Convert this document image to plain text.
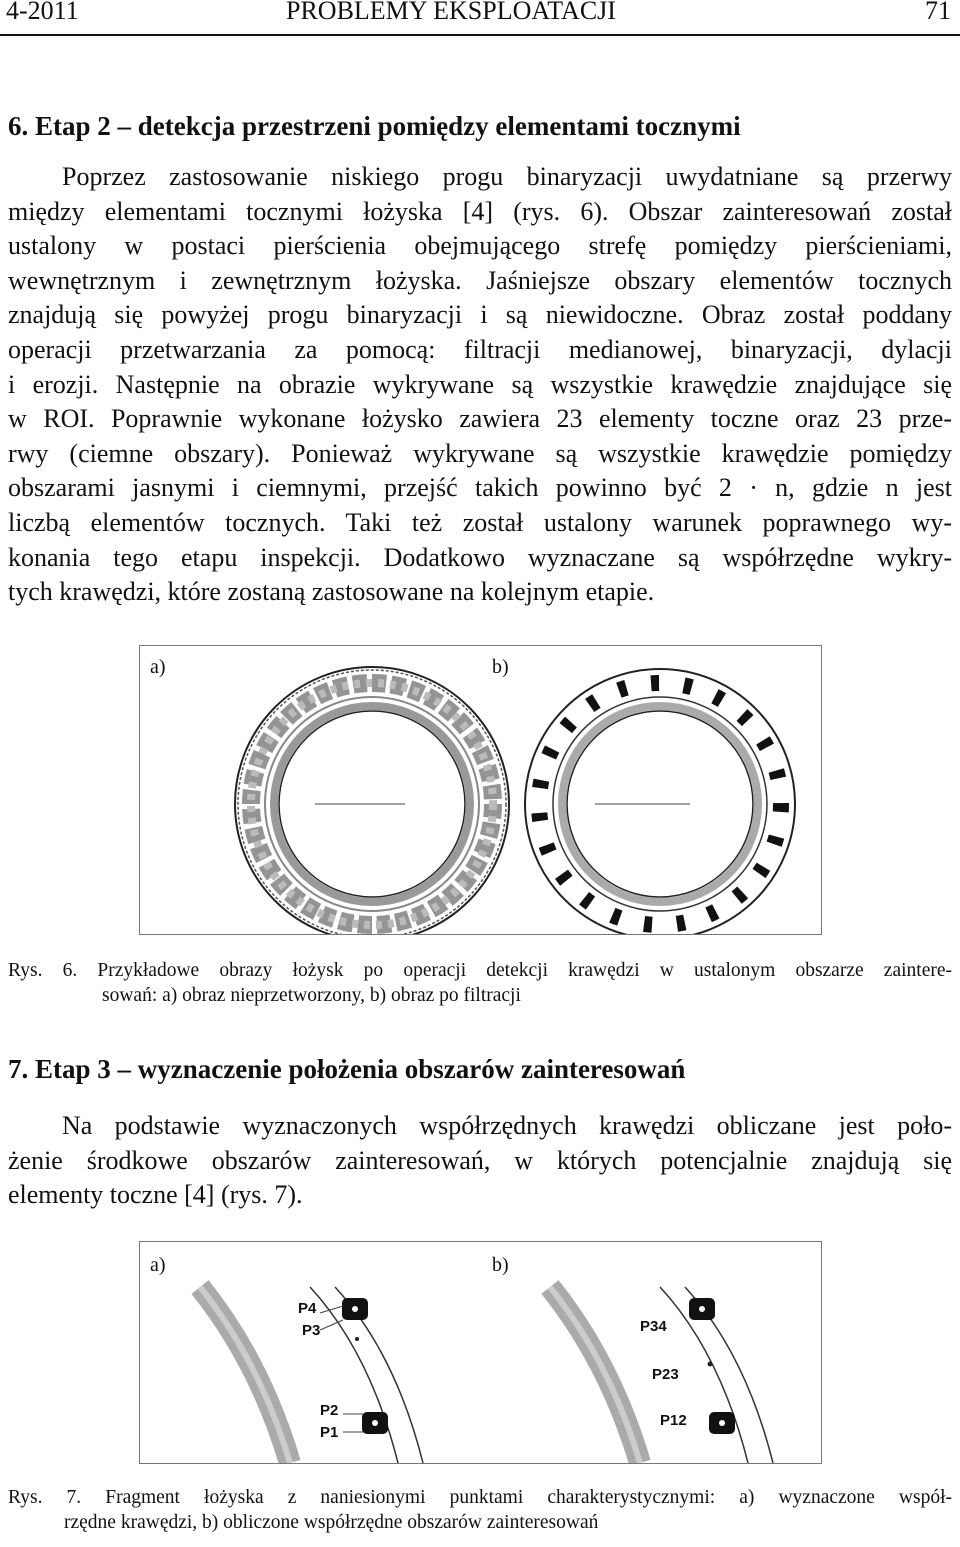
4-2011	PROBLEMY EKSPLOATACJI	71
6. Etap 2 – detekcja przestrzeni pomiędzy elementami tocznymi
Poprzez zastosowanie niskiego progu binaryzacji uwydatniane są przerwy
między elementami tocznymi łożyska [4] (rys. 6). Obszar zainteresowań został
ustalony w postaci pierścienia obejmującego strefę pomiędzy pierścieniami,
wewnętrznym i zewnętrznym łożyska. Jaśniejsze obszary elementów tocznych
znajdują się powyżej progu binaryzacji i są niewidoczne. Obraz został poddany
operacji przetwarzania za pomocą: filtracji medianowej, binaryzacji, dylacji
i erozji. Następnie na obrazie wykrywane są wszystkie krawędzie znajdujące się
w ROI. Poprawnie wykonane łożysko zawiera 23 elementy toczne oraz 23 prze-
rwy (ciemne obszary). Ponieważ wykrywane są wszystkie krawędzie pomiędzy
obszarami jasnymi i ciemnymi, przejść takich powinno być 2 · n, gdzie n jest
liczbą elementów tocznych. Taki też został ustalony warunek poprawnego wy-
konania tego etapu inspekcji. Dodatkowo wyznaczane są współrzędne wykry-
tych krawędzi, które zostaną zastosowane na kolejnym etapie.
a)	b)
Rys. 6. Przykładowe obrazy łożysk po operacji detekcji krawędzi w ustalonym obszarze zaintere-
sowań: a) obraz nieprzetworzony, b) obraz po filtracji
7. Etap 3 – wyznaczenie położenia obszarów zainteresowań
Na podstawie wyznaczonych współrzędnych krawędzi obliczane jest poło-
żenie środkowe obszarów zainteresowań, w których potencjalnie znajdują się
elementy toczne [4] (rys. 7).
a)	b)
P4
P3
P2
P1
P34
P23
P12
Rys. 7. Fragment łożyska z naniesionymi punktami charakterystycznymi: a) wyznaczone współ-
rzędne krawędzi, b) obliczone współrzędne obszarów zainteresowań
